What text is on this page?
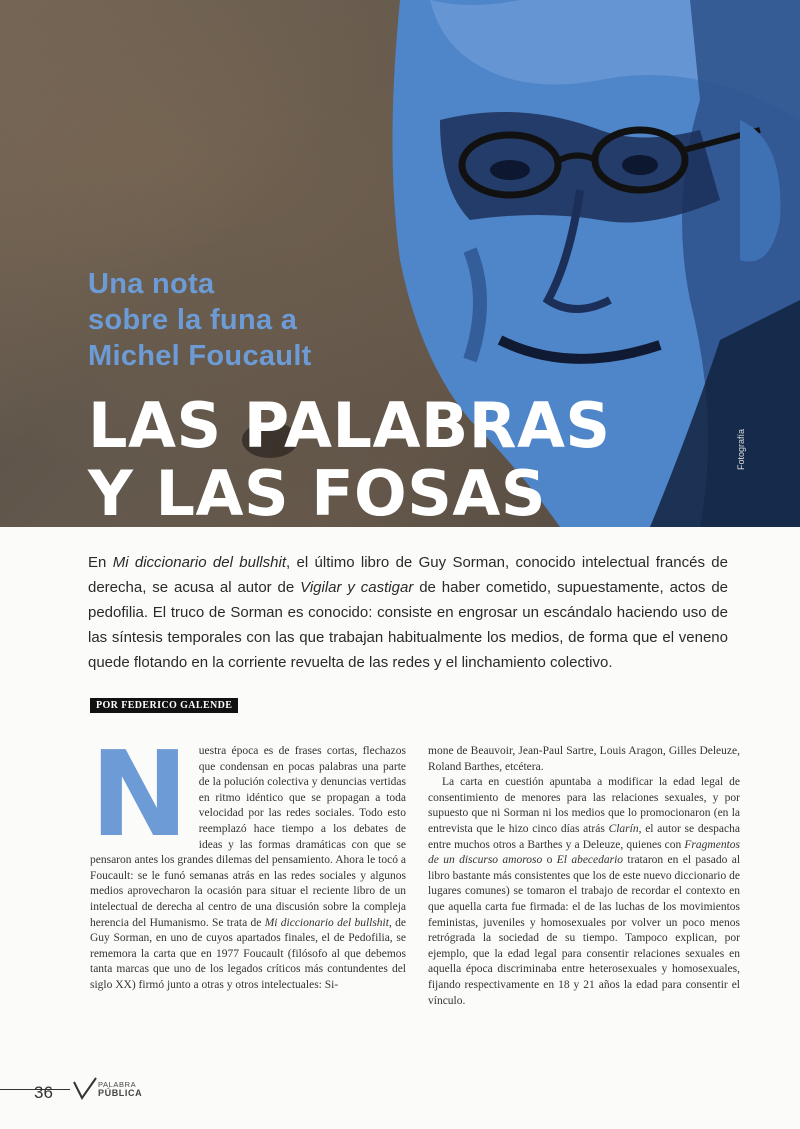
Una nota
sobre la funa a
Michel Foucault
LAS PALABRAS
Y LAS FOSAS
Fotografía
En Mi diccionario del bullshit, el último libro de Guy Sorman, conocido intelectual francés de derecha, se acusa al autor de Vigilar y castigar de haber cometido, supuestamente, actos de pedofilia. El truco de Sorman es conocido: consiste en engrosar un escándalo haciendo uso de las síntesis temporales con las que trabajan habitualmente los medios, de forma que el veneno quede flotando en la corriente revuelta de las redes y el linchamiento colectivo.
POR FEDERICO GALENDE

Nuestra época es de frases cortas, flechazos que condensan en pocas palabras una parte de la polución colectiva y denuncias vertidas en ritmo idéntico que se propagan a toda velocidad por las redes sociales. Todo esto reemplazó hace tiempo a los debates de ideas y las formas dramáticas con que se pensaron antes los grandes dilemas del pensamiento. Ahora le tocó a Foucault: se le funó semanas atrás en las redes sociales y algunos medios aprovecharon la ocasión para situar el reciente libro de un intelectual de derecha al centro de una discusión sobre la compleja herencia del Humanismo. Se trata de Mi diccionario del bullshit, de Guy Sorman, en uno de cuyos apartados finales, el de Pedofilia, se rememora la carta que en 1977 Foucault (filósofo al que debemos tanta marcas que uno de los legados críticos más contundentes del siglo XX) firmó junto a otras y otros intelectuales: Si-

mone de Beauvoir, Jean-Paul Sartre, Louis Aragon, Gilles Deleuze, Roland Barthes, etcétera.

La carta en cuestión apuntaba a modificar la edad legal de consentimiento de menores para las relaciones sexuales, y por supuesto que ni Sorman ni los medios que lo promocionaron (en la entrevista que le hizo cinco días atrás Clarín, el autor se despacha entre muchos otros a Barthes y a Deleuze, quienes con Fragmentos de un discurso amoroso o El abecedario trataron en el pasado al libro bastante más consistentes que los de este nuevo diccionario de lugares comunes) se tomaron el trabajo de recordar el contexto en que aquella carta fue firmada: el de las luchas de los movimientos feministas, juveniles y homosexuales por volver un poco menos retrógrada la sociedad de su tiempo. Tampoco explican, por ejemplo, que la edad legal para consentir relaciones sexuales en aquella época discriminaba entre heterosexuales y homosexuales, fijando respectivamente en 18 y 21 años la edad para consentir el vínculo.

36	PALABRA
PÚBLICA
